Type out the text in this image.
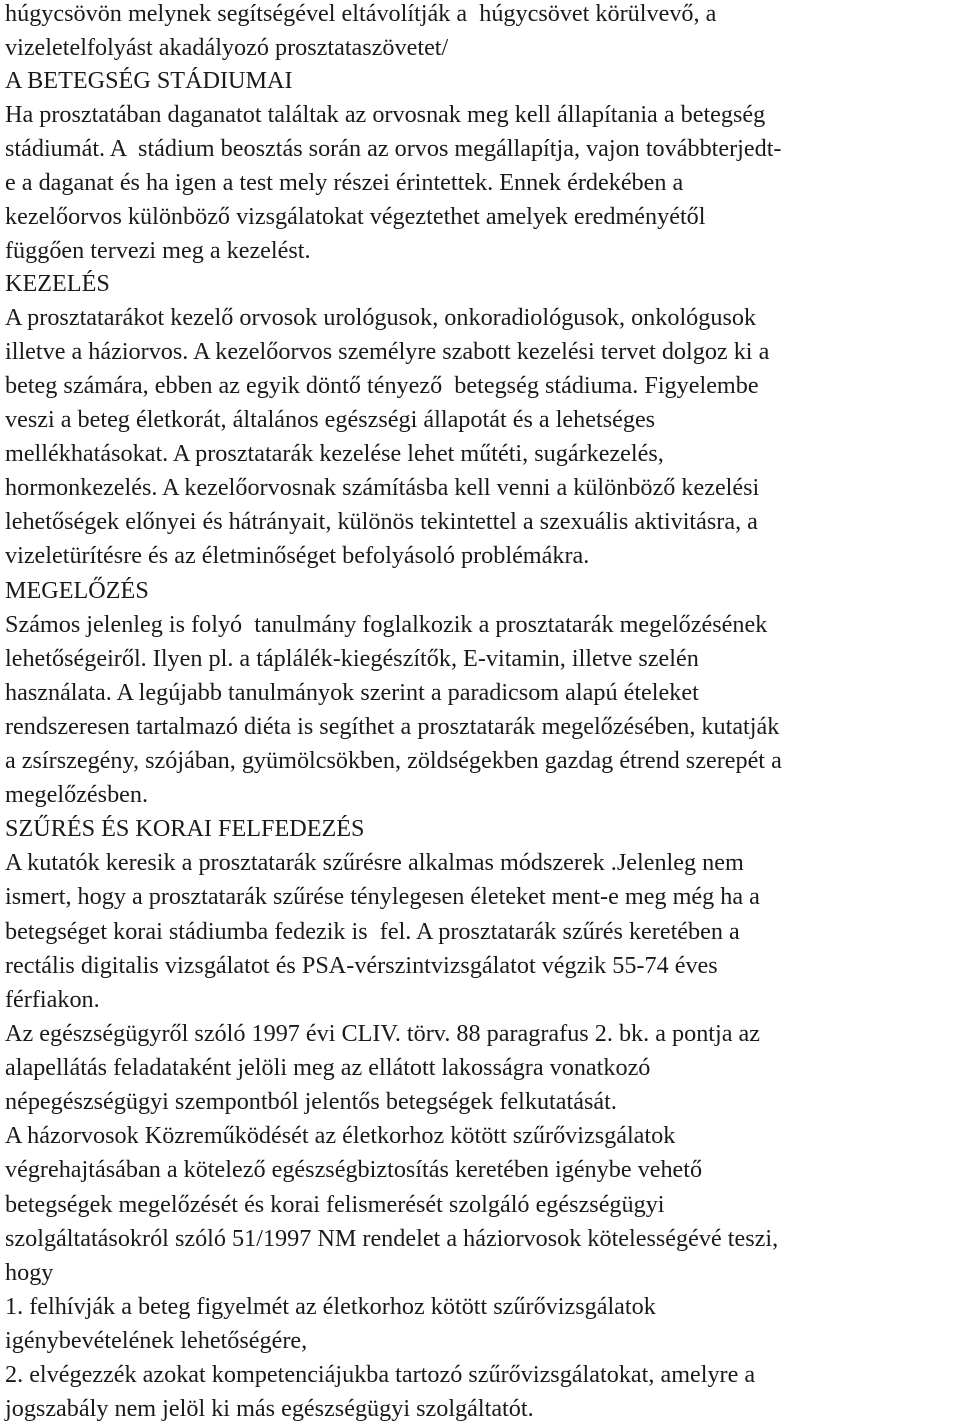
húgycsövön melynek segítségével eltávolítják a  húgycsövet körülvevő, a
vizeletelfolyást akadályozó prosztataszövetet/
A BETEGSÉG STÁDIUMAI
Ha prosztatában daganatot találtak az orvosnak meg kell állapítania a betegség
stádiumát. A  stádium beosztás során az orvos megállapítja, vajon továbbterjedt-
e a daganat és ha igen a test mely részei érintettek. Ennek érdekében a
kezelőorvos különböző vizsgálatokat végeztethet amelyek eredményétől
függően tervezi meg a kezelést.
KEZELÉS
A prosztatarákot kezelő orvosok urológusok, onkoradiológusok, onkológusok
illetve a háziorvos. A kezelőorvos személyre szabott kezelési tervet dolgoz ki a
beteg számára, ebben az egyik döntő tényező  betegség stádiuma. Figyelembe
veszi a beteg életkorát, általános egészségi állapotát és a lehetséges
mellékhatásokat. A prosztatarák kezelése lehet műtéti, sugárkezelés,
hormonkezelés. A kezelőorvosnak számításba kell venni a különböző kezelési
lehetőségek előnyei és hátrányait, különös tekintettel a szexuális aktivitásra, a
vizeletürítésre és az életminőséget befolyásoló problémákra.
MEGELŐZÉS
Számos jelenleg is folyó  tanulmány foglalkozik a prosztatarák megelőzésének
lehetőségeiről. Ilyen pl. a táplálék-kiegészítők, E-vitamin, illetve szelén
használata. A legújabb tanulmányok szerint a paradicsom alapú ételeket
rendszeresen tartalmazó diéta is segíthet a prosztatarák megelőzésében, kutatják
a zsírszegény, szójában, gyümölcsökben, zöldségekben gazdag étrend szerepét a
megelőzésben.
SZŰRÉS ÉS KORAI FELFEDEZÉS
A kutatók keresik a prosztatarák szűrésre alkalmas módszerek .Jelenleg nem
ismert, hogy a prosztatarák szűrése ténylegesen életeket ment-e meg még ha a
betegséget korai stádiumba fedezik is  fel. A prosztatarák szűrés keretében a
rectális digitalis vizsgálatot és PSA-vérszintvizsgálatot végzik 55-74 éves
férfiakon.
Az egészségügyről szóló 1997 évi CLIV. törv. 88 paragrafus 2. bk. a pontja az
alapellátás feladataként jelöli meg az ellátott lakosságra vonatkozó
népegészségügyi szempontból jelentős betegségek felkutatását.
A házorvosok Közreműködését az életkorhoz kötött szűrővizsgálatok
végrehajtásában a kötelező egészségbiztosítás keretében igénybe vehető
betegségek megelőzését és korai felismerését szolgáló egészségügyi
szolgáltatásokról szóló 51/1997 NM rendelet a háziorvosok kötelességévé teszi,
hogy
1. felhívják a beteg figyelmét az életkorhoz kötött szűrővizsgálatok
igénybevételének lehetőségére,
2. elvégezzék azokat kompetenciájukba tartozó szűrővizsgálatokat, amelyre a
jogszabály nem jelöl ki más egészségügyi szolgáltatót.
